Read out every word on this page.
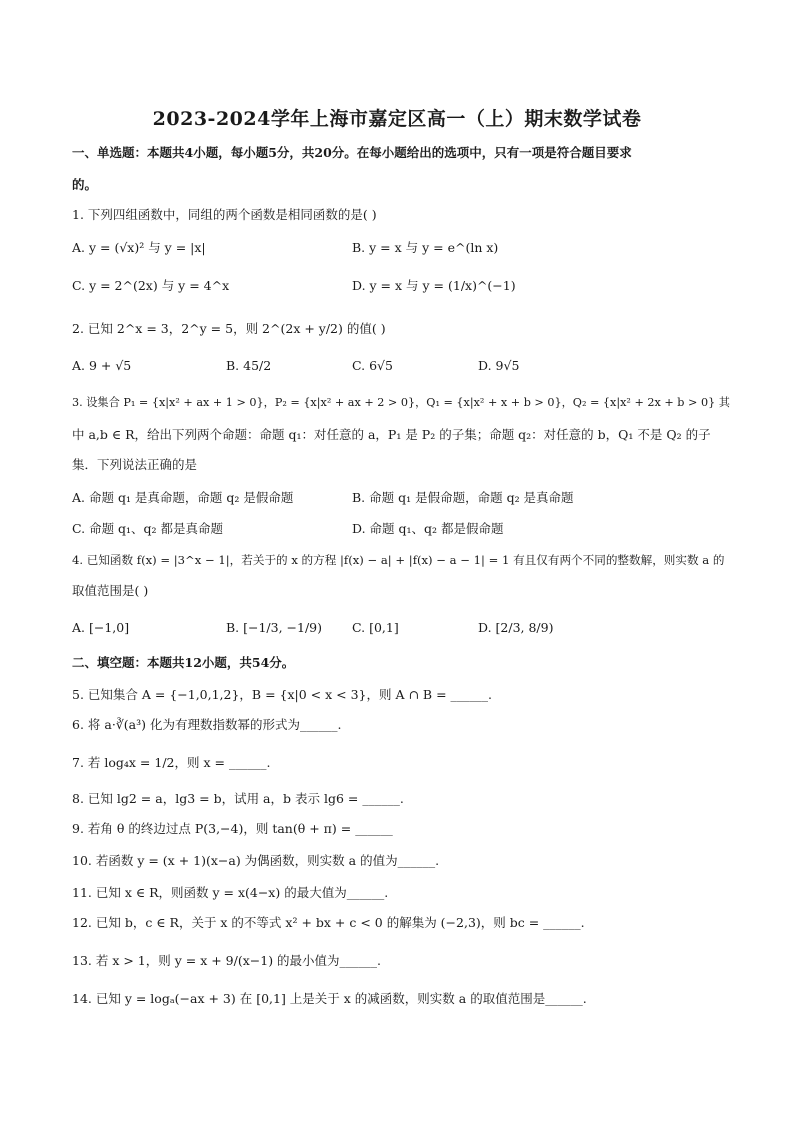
2023-2024学年上海市嘉定区高一（上）期末数学试卷
一、单选题：本题共4小题，每小题5分，共20分。在每小题给出的选项中，只有一项是符合题目要求
的。
1. 下列四组函数中，同组的两个函数是相同函数的是( )
A. y = (√x)² 与 y = |x|	B. y = x 与 y = e^(ln x)
C. y = 2^(2x) 与 y = 4^x	D. y = x 与 y = (1/x)^(−1)
2. 已知 2^x = 3，2^y = 5，则 2^(2x + y/2) 的值( )
A. 9 + √5	B. 45/2	C. 6√5	D. 9√5
3. 设集合 P₁ = {x|x² + ax + 1 > 0}，P₂ = {x|x² + ax + 2 > 0}，Q₁ = {x|x² + x + b > 0}，Q₂ = {x|x² + 2x + b > 0} 其
中 a,b ∈ R，给出下列两个命题：命题 q₁：对任意的 a，P₁ 是 P₂ 的子集；命题 q₂：对任意的 b，Q₁ 不是 Q₂ 的子
集．下列说法正确的是
A. 命题 q₁ 是真命题，命题 q₂ 是假命题	B. 命题 q₁ 是假命题，命题 q₂ 是真命题
C. 命题 q₁、q₂ 都是真命题	D. 命题 q₁、q₂ 都是假命题
4. 已知函数 f(x) = |3^x − 1|，若关于的 x 的方程 |f(x) − a| + |f(x) − a − 1| = 1 有且仅有两个不同的整数解，则实数 a 的
取值范围是( )
A. [−1,0]	B. [−1/3, −1/9) C. [0,1]	D. [2/3, 8/9)
二、填空题：本题共12小题，共54分。
5. 已知集合 A = {−1,0,1,2}，B = {x|0 < x < 3}，则 A ∩ B = ______.
6. 将 a·∛(a³) 化为有理数指数幂的形式为______.
7. 若 log₄x = 1/2，则 x = ______.
8. 已知 lg2 = a，lg3 = b，试用 a，b 表示 lg6 = ______.
9. 若角 θ 的终边过点 P(3,−4)，则 tan(θ + π) = ______
10. 若函数 y = (x + 1)(x−a) 为偶函数，则实数 a 的值为______.
11. 已知 x ∈ R，则函数 y = x(4−x) 的最大值为______.
12. 已知 b，c ∈ R，关于 x 的不等式 x² + bx + c < 0 的解集为 (−2,3)，则 bc = ______.
13. 若 x > 1，则 y = x + 9/(x−1) 的最小值为______.
14. 已知 y = logₐ(−ax + 3) 在 [0,1] 上是关于 x 的减函数，则实数 a 的取值范围是______.
